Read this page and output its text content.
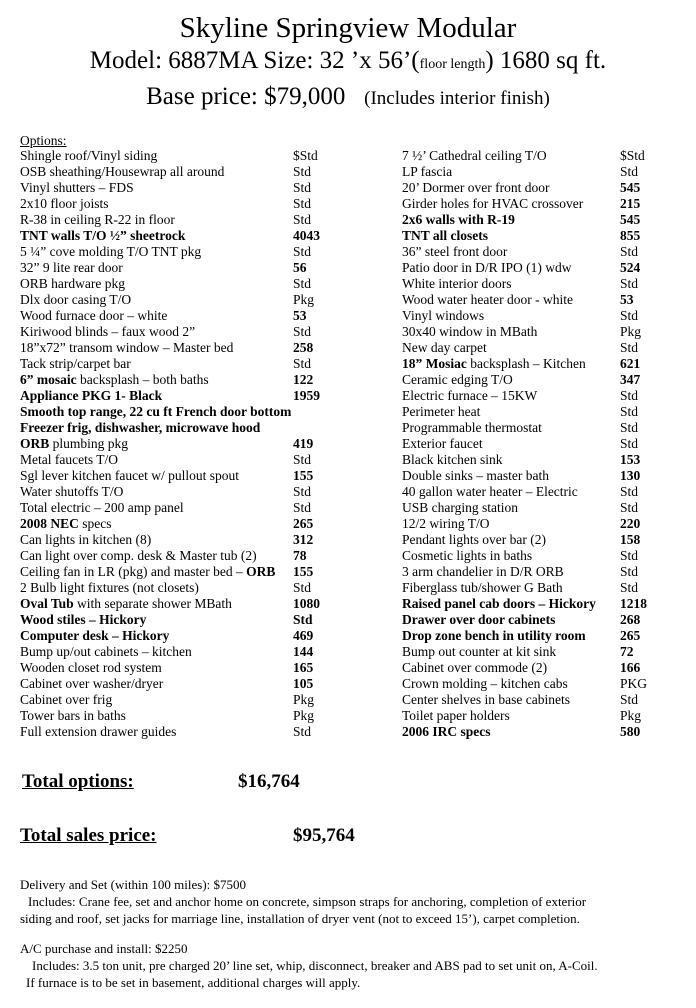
Skyline Springview Modular
Model: 6887MA Size: 32 ’x 56’(floor length) 1680 sq ft.
Base price: $79,000 (Includes interior finish)
Options:
Shingle roof/Vinyl siding	$Std
OSB sheathing/Housewrap all around	Std
Vinyl shutters – FDS	Std
2x10 floor joists	Std
R-38 in ceiling R-22 in floor	Std
TNT walls T/O ½” sheetrock	4043
5 ¼” cove molding T/O TNT pkg	Std
32” 9 lite rear door	56
ORB hardware pkg	Std
Dlx door casing T/O	Pkg
Wood furnace door – white	53
Kiriwood blinds – faux wood 2”	Std
18”x72” transom window – Master bed	258
Tack strip/carpet bar	Std
6” mosaic backsplash – both baths	122
Appliance PKG 1- Black	1959
Smooth top range, 22 cu ft French door bottom
Freezer frig, dishwasher, microwave hood
ORB plumbing pkg	419
Metal faucets T/O	Std
Sgl lever kitchen faucet w/ pullout spout	155
Water shutoffs T/O	Std
Total electric – 200 amp panel	Std
2008 NEC specs	265
Can lights in kitchen (8)	312
Can light over comp. desk & Master tub (2)	78
Ceiling fan in LR (pkg) and master bed – ORB 155
2 Bulb light fixtures (not closets)	Std
Oval Tub with separate shower MBath	1080
Wood stiles – Hickory	Std
Computer desk – Hickory	469
Bump up/out cabinets – kitchen	144
Wooden closet rod system	165
Cabinet over washer/dryer	105
Cabinet over frig	Pkg
Tower bars in baths	Pkg
Full extension drawer guides	Std
7 ½’ Cathedral ceiling T/O	$Std
LP fascia	Std
20’ Dormer over front door	545
Girder holes for HVAC crossover	215
2x6 walls with R-19	545
TNT all closets	855
36” steel front door	Std
Patio door in D/R IPO (1) wdw	524
White interior doors	Std
Wood water heater door - white	53
Vinyl windows	Std
30x40 window in MBath	Pkg
New day carpet	Std
18” Mosiac backsplash – Kitchen	621
Ceramic edging T/O	347
Electric furnace – 15KW	Std
Perimeter heat	Std
Programmable thermostat	Std
Exterior faucet	Std
Black kitchen sink	153
Double sinks – master bath	130
40 gallon water heater – Electric	Std
USB charging station	Std
12/2 wiring T/O	220
Pendant lights over bar (2)	158
Cosmetic lights in baths	Std
3 arm chandelier in D/R ORB	Std
Fiberglass tub/shower G Bath	Std
Raised panel cab doors – Hickory 1218
Drawer over door cabinets	268
Drop zone bench in utility room	265
Bump out counter at kit sink	72
Cabinet over commode (2)	166
Crown molding – kitchen cabs	PKG
Center shelves in base cabinets	Std
Toilet paper holders	Pkg
2006 IRC specs	580
Total options:	$16,764
Total sales price:	$95,764
Delivery and Set (within 100 miles): $7500
Includes: Crane fee, set and anchor home on concrete, simpson straps for anchoring, completion of exterior
siding and roof, set jacks for marriage line, installation of dryer vent (not to exceed 15’), carpet completion.
A/C purchase and install: $2250
Includes: 3.5 ton unit, pre charged 20’ line set, whip, disconnect, breaker and ABS pad to set unit on, A-Coil.
If furnace is to be set in basement, additional charges will apply.
